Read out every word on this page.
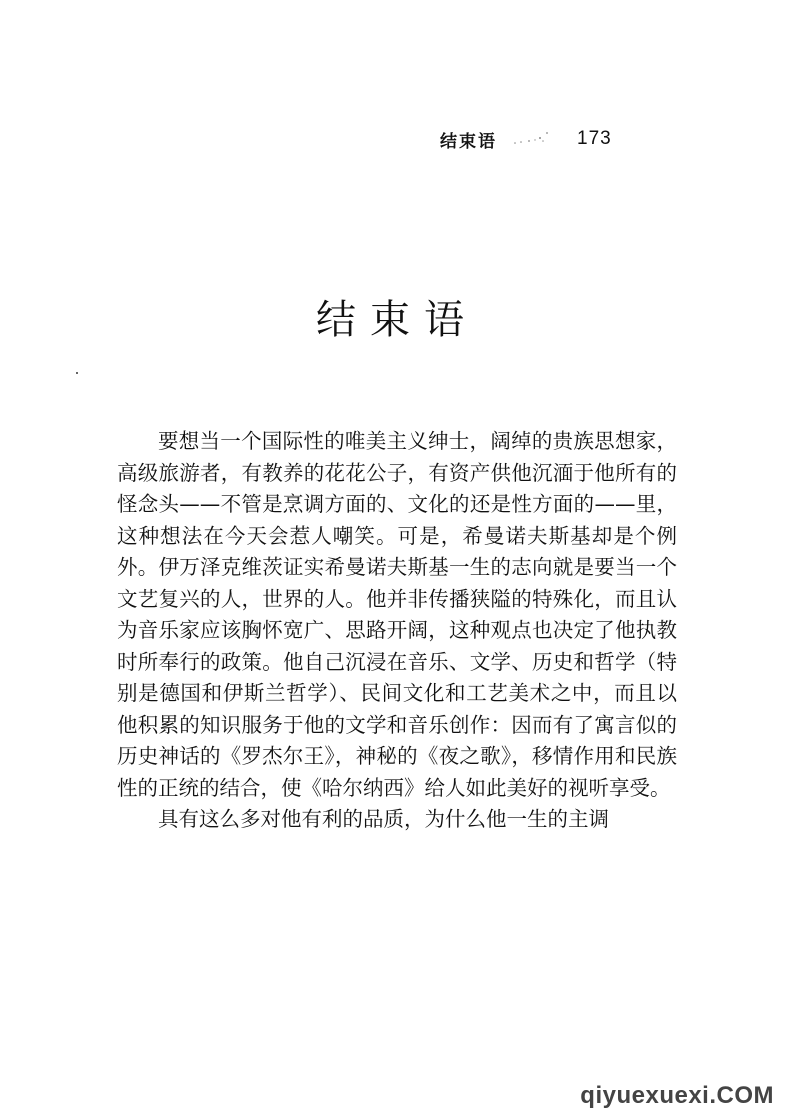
结束语	173
结束语

要想当一个国际性的唯美主义绅士，阔绰的贵族思想家，高级旅游者，有教养的花花公子，有资产供他沉湎于他所有的怪念头——不管是烹调方面的、文化的还是性方面的——里，这种想法在今天会惹人嘲笑。可是，希曼诺夫斯基却是个例外。伊万泽克维茨证实希曼诺夫斯基一生的志向就是要当一个文艺复兴的人，世界的人。他并非传播狭隘的特殊化，而且认为音乐家应该胸怀宽广、思路开阔，这种观点也决定了他执教时所奉行的政策。他自己沉浸在音乐、文学、历史和哲学（特别是德国和伊斯兰哲学）、民间文化和工艺美术之中，而且以他积累的知识服务于他的文学和音乐创作：因而有了寓言似的历史神话的《罗杰尔王》，神秘的《夜之歌》，移情作用和民族性的正统的结合，使《哈尔纳西》给人如此美好的视听享受。

具有这么多对他有利的品质，为什么他一生的主调

qiyuexuexi.COM
